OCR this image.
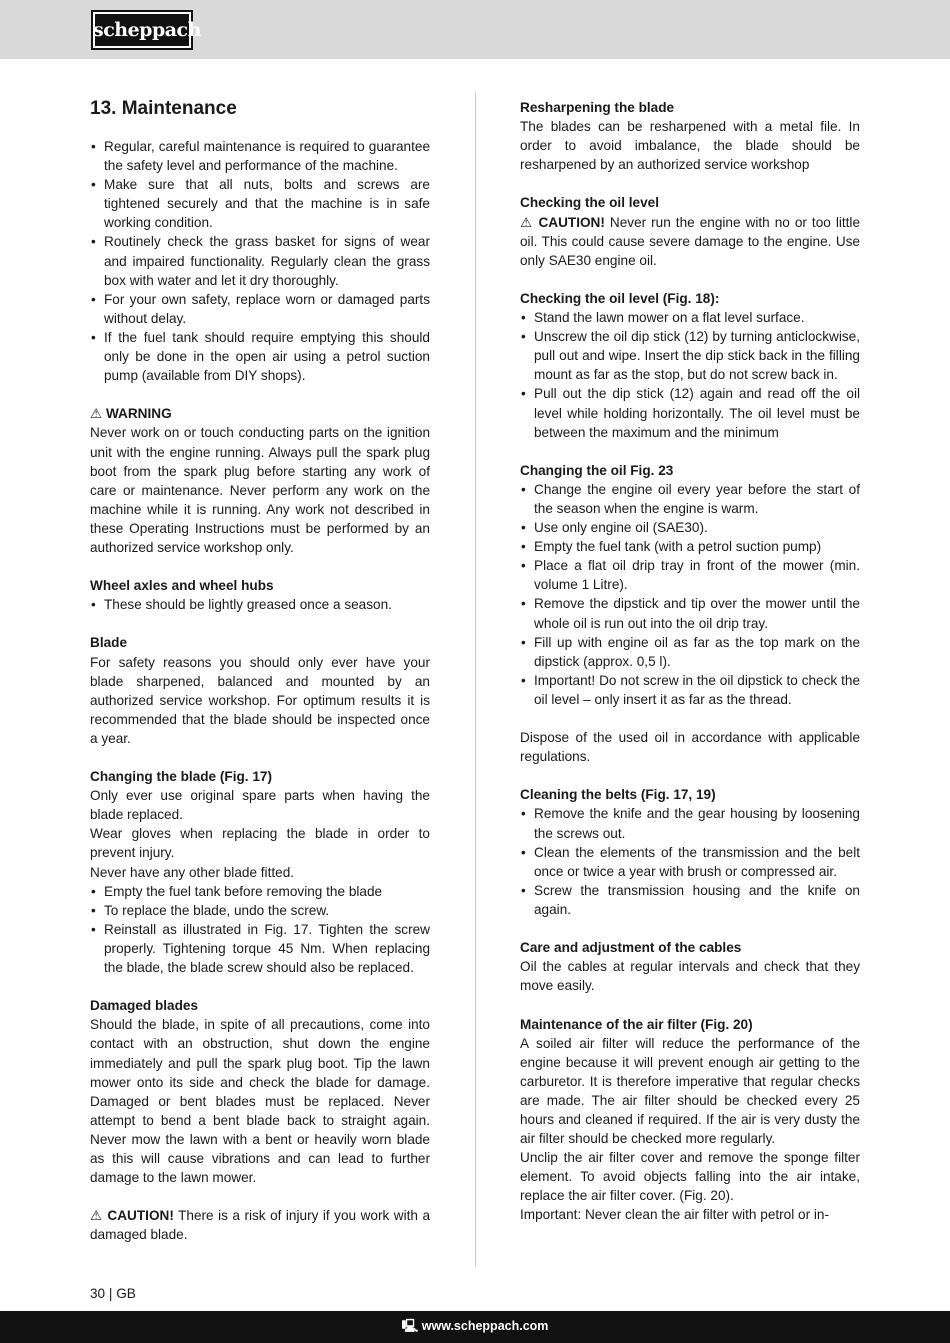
scheppach
13. Maintenance
• Regular, careful maintenance is required to guarantee the safety level and performance of the machine.
• Make sure that all nuts, bolts and screws are tightened securely and that the machine is in safe working condition.
• Routinely check the grass basket for signs of wear and impaired functionality. Regularly clean the grass box with water and let it dry thoroughly.
• For your own safety, replace worn or damaged parts without delay.
• If the fuel tank should require emptying this should only be done in the open air using a petrol suction pump (available from DIY shops).
⚠ WARNING

Never work on or touch conducting parts on the ignition unit with the engine running. Always pull the spark plug boot from the spark plug before starting any work of care or maintenance. Never perform any work on the machine while it is running. Any work not described in these Operating Instructions must be performed by an authorized service workshop only.

Wheel axles and wheel hubs
• These should be lightly greased once a season.
Blade

For safety reasons you should only ever have your blade sharpened, balanced and mounted by an authorized service workshop. For optimum results it is recommended that the blade should be inspected once a year.

Changing the blade (Fig. 17)

Only ever use original spare parts when having the blade replaced.

Wear gloves when replacing the blade in order to prevent injury.

Never have any other blade fitted.

• Empty the fuel tank before removing the blade
• To replace the blade, undo the screw.
• Reinstall as illustrated in Fig. 17. Tighten the screw properly. Tightening torque 45 Nm. When replacing the blade, the blade screw should also be replaced.
Damaged blades

Should the blade, in spite of all precautions, come into contact with an obstruction, shut down the engine immediately and pull the spark plug boot. Tip the lawn mower onto its side and check the blade for damage. Damaged or bent blades must be replaced. Never attempt to bend a bent blade back to straight again. Never mow the lawn with a bent or heavily worn blade as this will cause vibrations and can lead to further damage to the lawn mower.

⚠ CAUTION! There is a risk of injury if you work with a damaged blade.

Resharpening the blade

The blades can be resharpened with a metal file. In order to avoid imbalance, the blade should be resharpened by an authorized service workshop

Checking the oil level

⚠ CAUTION! Never run the engine with no or too little oil. This could cause severe damage to the engine. Use only SAE30 engine oil.

Checking the oil level (Fig. 18):
• Stand the lawn mower on a flat level surface.
• Unscrew the oil dip stick (12) by turning anticlockwise, pull out and wipe. Insert the dip stick back in the filling mount as far as the stop, but do not screw back in.
• Pull out the dip stick (12) again and read off the oil level while holding horizontally. The oil level must be between the maximum and the minimum
Changing the oil Fig. 23
• Change the engine oil every year before the start of the season when the engine is warm.
• Use only engine oil (SAE30).
• Empty the fuel tank (with a petrol suction pump)
• Place a flat oil drip tray in front of the mower (min. volume 1 Litre).
• Remove the dipstick and tip over the mower until the whole oil is run out into the oil drip tray.
• Fill up with engine oil as far as the top mark on the dipstick (approx. 0,5 l).
• Important! Do not screw in the oil dipstick to check the oil level – only insert it as far as the thread.

Dispose of the used oil in accordance with applicable regulations.

Cleaning the belts (Fig. 17, 19)
• Remove the knife and the gear housing by loosening the screws out.
• Clean the elements of the transmission and the belt once or twice a year with brush or compressed air.
• Screw the transmission housing and the knife on again.
Care and adjustment of the cables

Oil the cables at regular intervals and check that they move easily.

Maintenance of the air filter (Fig. 20)

A soiled air filter will reduce the performance of the engine because it will prevent enough air getting to the carburetor. It is therefore imperative that regular checks are made. The air filter should be checked every 25 hours and cleaned if required. If the air is very dusty the air filter should be checked more regularly.

Unclip the air filter cover and remove the sponge filter element. To avoid objects falling into the air intake, replace the air filter cover. (Fig. 20).

Important: Never clean the air filter with petrol or in-

30 | GB
🖳 www.scheppach.com
